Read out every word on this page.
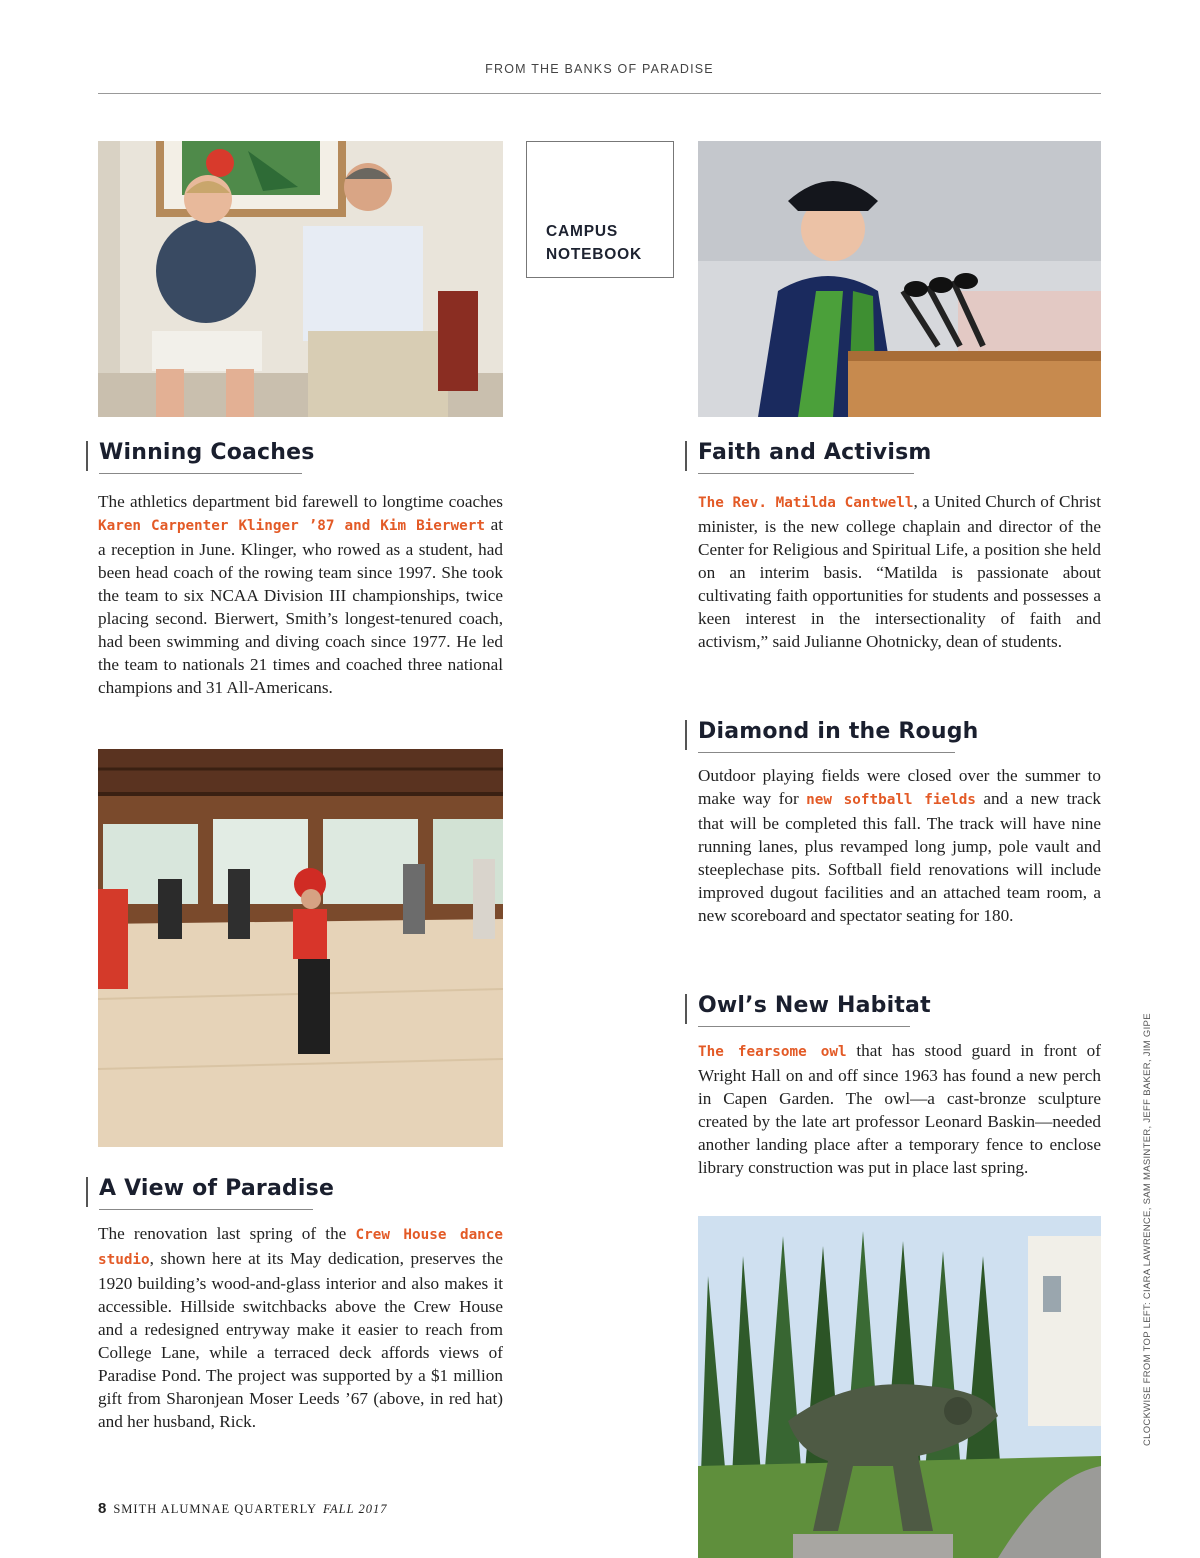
FROM THE BANKS OF PARADISE
CAMPUS
NOTEBOOK
Winning Coaches

The athletics department bid farewell to longtime coaches Karen Carpenter Klinger ’87 and Kim Bierwert at a reception in June. Klinger, who rowed as a student, had been head coach of the rowing team since 1997. She took the team to six NCAA Division III championships, twice placing second. Bierwert, Smith’s longest-tenured coach, had been swimming and diving coach since 1977. He led the team to nationals 21 times and coached three national champions and 31 All-Americans.

Faith and Activism

The Rev. Matilda Cantwell, a United Church of Christ minister, is the new college chaplain and director of the Center for Religious and Spiritual Life, a position she held on an interim basis. “Matilda is passionate about cultivating faith opportunities for students and possesses a keen interest in the intersectionality of faith and activism,” said Julianne Ohotnicky, dean of students.

Diamond in the Rough

Outdoor playing fields were closed over the summer to make way for new softball fields and a new track that will be completed this fall. The track will have nine running lanes, plus revamped long jump, pole vault and steeplechase pits. Softball field renovations will include improved dugout facilities and an attached team room, a new scoreboard and spectator seating for 180.

A View of Paradise

The renovation last spring of the Crew House dance studio, shown here at its May dedication, preserves the 1920 building’s wood-and-glass interior and also makes it accessible. Hillside switchbacks above the Crew House and a redesigned entryway make it easier to reach from College Lane, while a terraced deck affords views of Paradise Pond. The project was supported by a $1 million gift from Sharonjean Moser Leeds ’67 (above, in red hat) and her husband, Rick.

Owl’s New Habitat

The fearsome owl that has stood guard in front of Wright Hall on and off since 1963 has found a new perch in Capen Garden. The owl—a cast-bronze sculpture created by the late art professor Leonard Baskin—needed another landing place after a temporary fence to enclose library construction was put in place last spring.

8 SMITH ALUMNAE QUARTERLY FALL 2017
CLOCKWISE FROM TOP LEFT: CIARA LAWRENCE, SAM MASINTER, JEFF BAKER, JIM GIPE
